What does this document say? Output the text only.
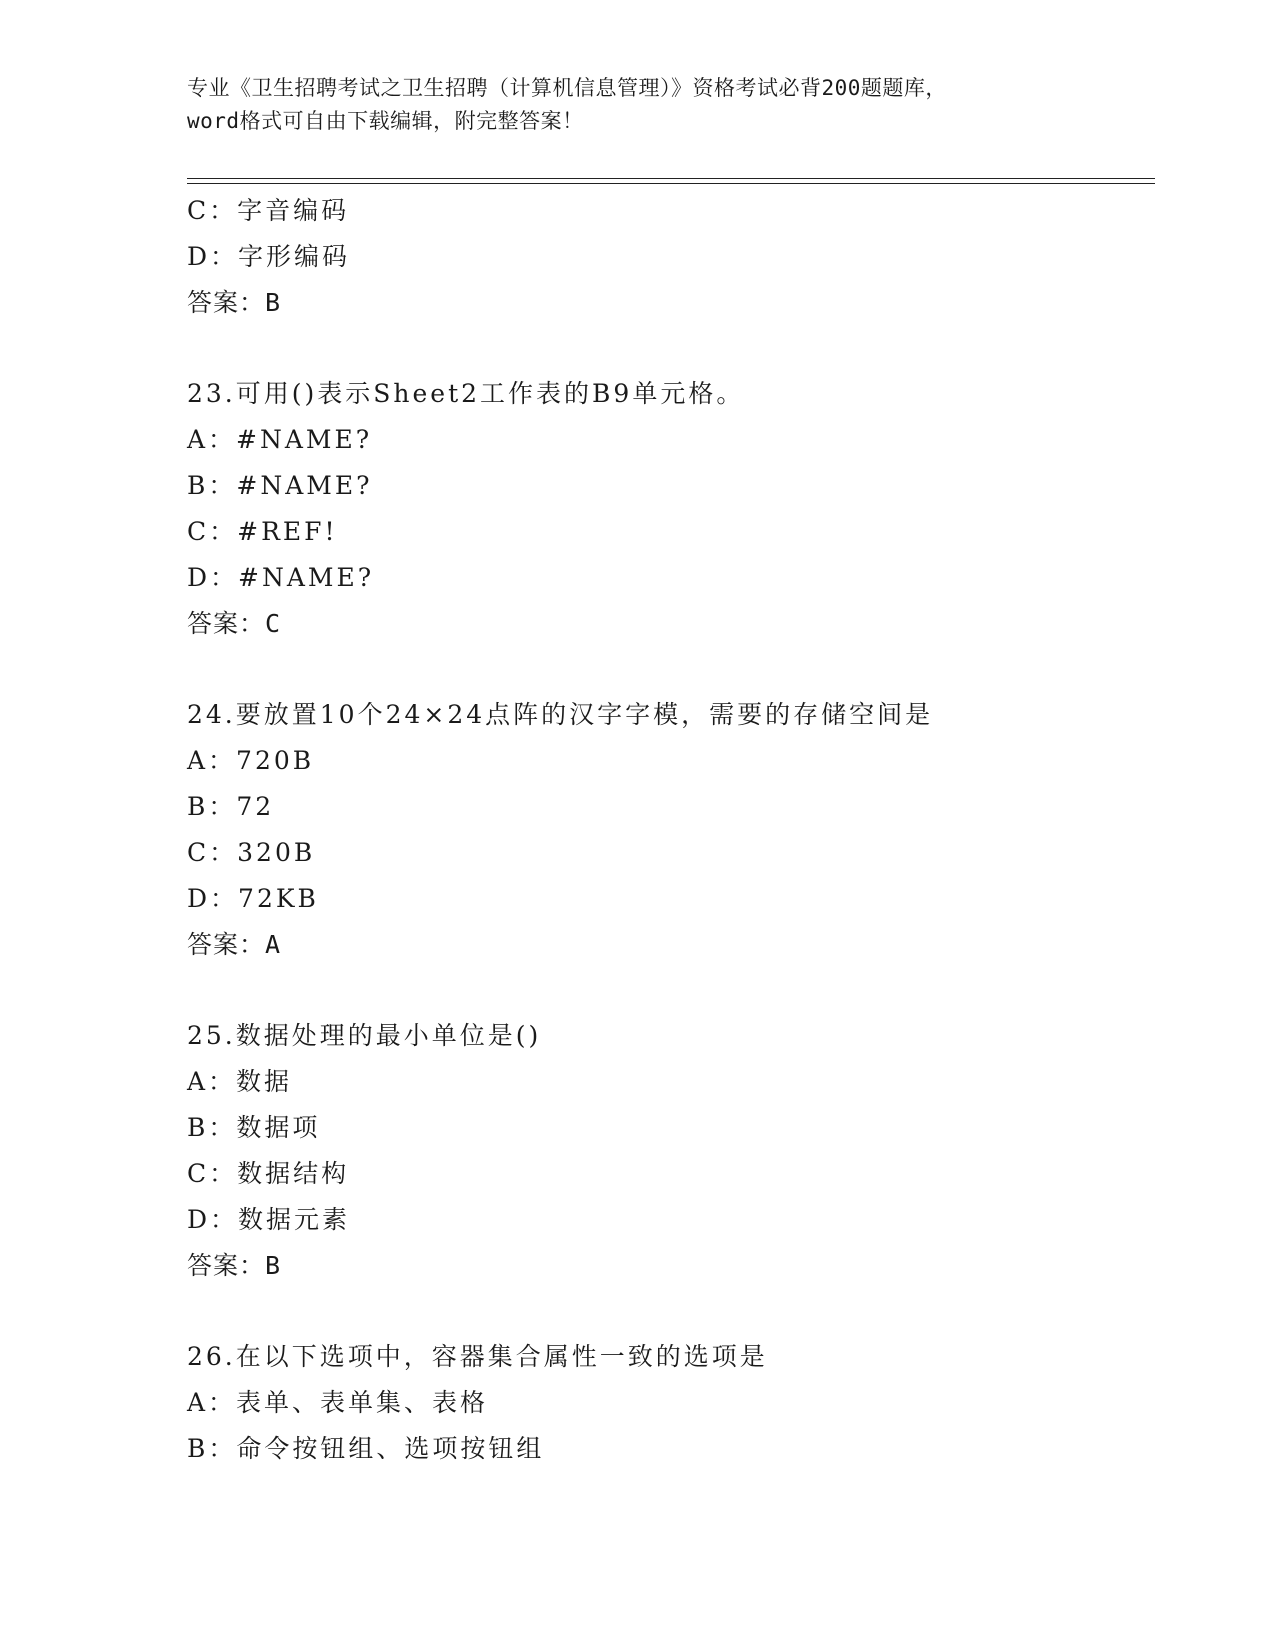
专业《卫生招聘考试之卫生招聘（计算机信息管理）》资格考试必背200题题库，
word格式可自由下载编辑，附完整答案！
C：字音编码
D：字形编码
答案：B
23.可用()表示Sheet2工作表的B9单元格。
A：#NAME?
B：#NAME?
C：#REF!
D：#NAME?
答案：C
24.要放置10个24×24点阵的汉字字模，需要的存储空间是
A：720B
B：72
C：320B
D：72KB
答案：A
25.数据处理的最小单位是()
A：数据
B：数据项
C：数据结构
D：数据元素
答案：B
26.在以下选项中，容器集合属性一致的选项是
A：表单、表单集、表格
B：命令按钮组、选项按钮组
